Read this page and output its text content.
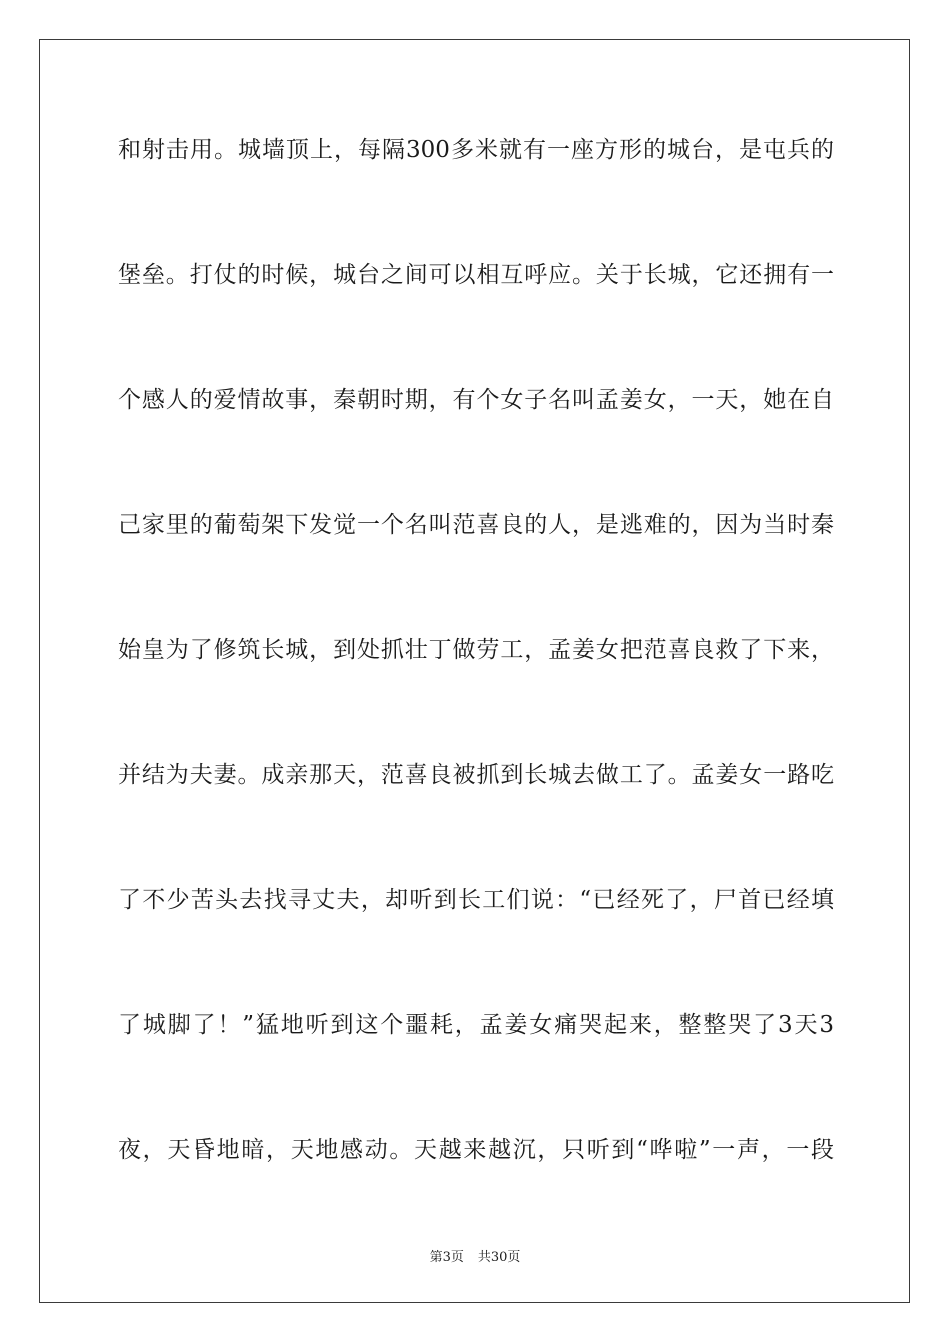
和射击用。城墙顶上，每隔300多米就有一座方形的城台，是屯兵的
堡垒。打仗的时候，城台之间可以相互呼应。关于长城，它还拥有一
个感人的爱情故事，秦朝时期，有个女子名叫孟姜女，一天，她在自
己家里的葡萄架下发觉一个名叫范喜良的人，是逃难的，因为当时秦
始皇为了修筑长城，到处抓壮丁做劳工，孟姜女把范喜良救了下来，
并结为夫妻。成亲那天，范喜良被抓到长城去做工了。孟姜女一路吃
了不少苦头去找寻丈夫，却听到长工们说：“已经死了，尸首已经填
了城脚了！”猛地听到这个噩耗，孟姜女痛哭起来，整整哭了3天3
夜，天昏地暗，天地感动。天越来越沉，只听到“哗啦”一声，一段
第3页 共30页
